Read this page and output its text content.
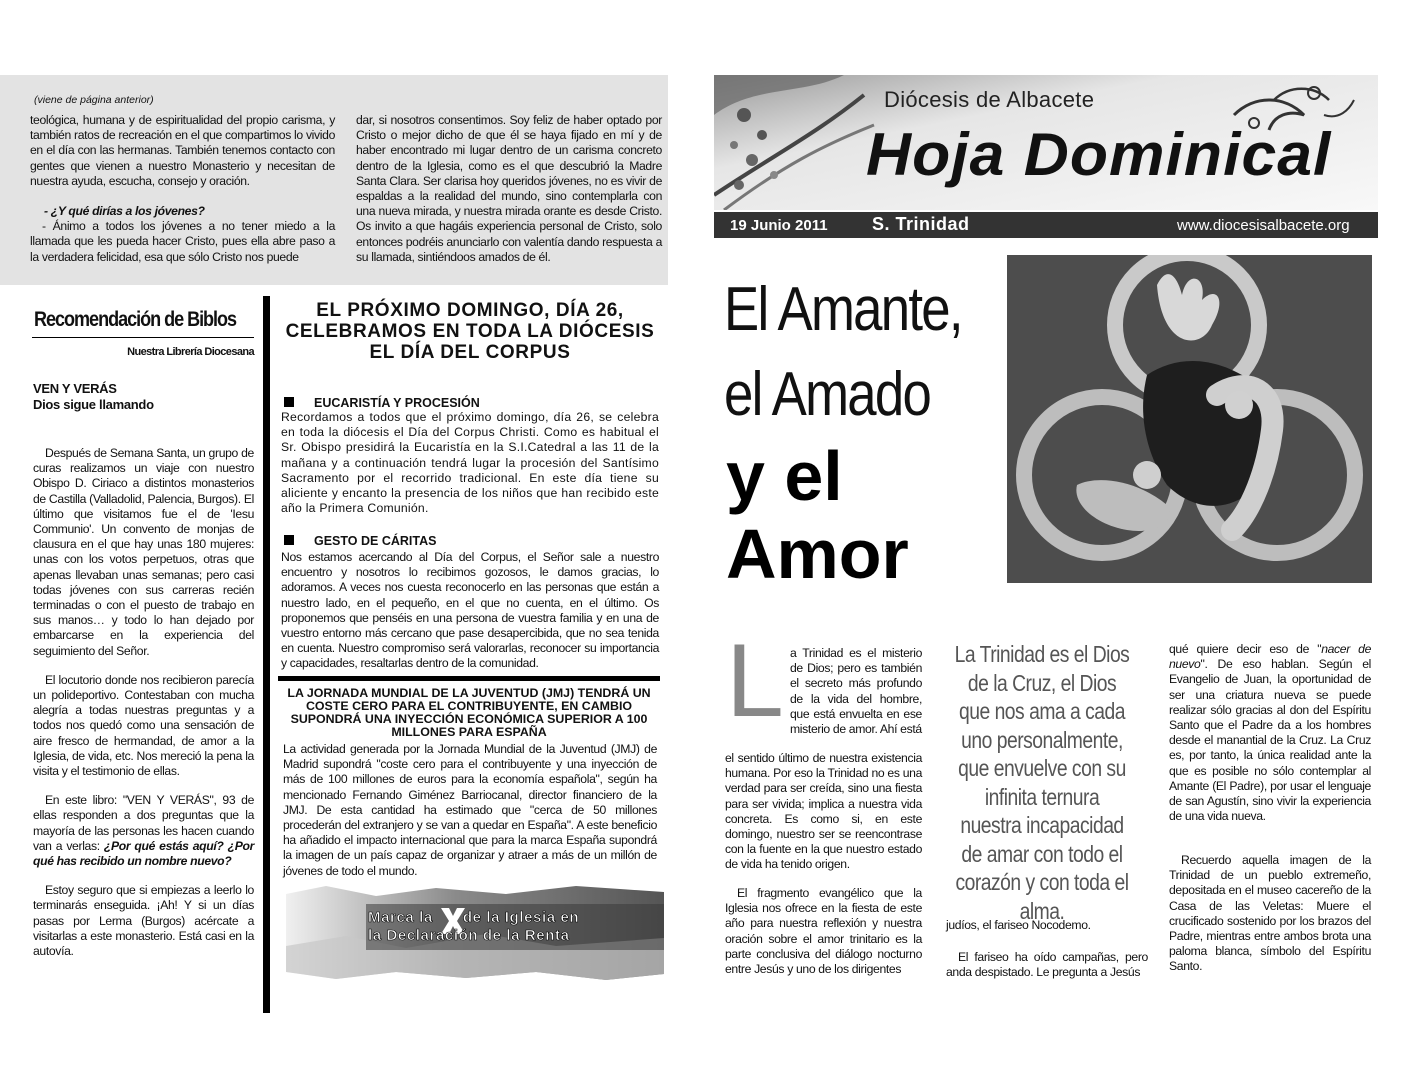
(viene de página anterior)
teológica, humana y de espiritualidad del propio carisma, y también ratos de recreación en el que compartimos lo vivido en el día con las hermanas. También tenemos contacto con gentes que vienen a nuestro Monasterio y necesitan de nuestra ayuda, escucha, consejo y oración.

- ¿Y qué dirías a los jóvenes?

- Ánimo a todos los jóvenes a no tener miedo a la llamada que les pueda hacer Cristo, pues ella abre paso a la verdadera felicidad, esa que sólo Cristo nos puede

dar, si nosotros consentimos. Soy feliz de haber optado por Cristo o mejor dicho de que él se haya fijado en mí y de haber encontrado mi lugar dentro de un carisma concreto dentro de la Iglesia, como es el que descubrió la Madre Santa Clara. Ser clarisa hoy queridos jóvenes, no es vivir de espaldas a la realidad del mundo, sino contemplarla con una nueva mirada, y nuestra mirada orante es desde Cristo. Os invito a que hagáis experiencia personal de Cristo, solo entonces podréis anunciarlo con valentía dando respuesta a su llamada, sintiéndoos amados de él.
Recomendación de Biblos
Nuestra Librería Diocesana
VEN Y VERÁS
Dios sigue llamando

Después de Semana Santa, un grupo de curas realizamos un viaje con nuestro Obispo D. Ciriaco a distintos monasterios de Castilla (Valladolid, Palencia, Burgos). El último que visitamos fue el de 'Iesu Communio'. Un convento de monjas de clausura en el que hay unas 180 mujeres: unas con los votos perpetuos, otras que apenas llevaban unas semanas; pero casi todas jóvenes con sus carreras recién terminadas o con el puesto de trabajo en sus manos… y todo lo han dejado por embarcarse en la experiencia del seguimiento del Señor.

El locutorio donde nos recibieron parecía un polideportivo. Contestaban con mucha alegría a todas nuestras preguntas y a todos nos quedó como una sensación de aire fresco de hermandad, de amor a la Iglesia, de vida, etc. Nos mereció la pena la visita y el testimonio de ellas.

En este libro: "VEN Y VERÁS", 93 de ellas responden a dos preguntas que la mayoría de las personas les hacen cuando van a verlas: ¿Por qué estás aquí? ¿Por qué has recibido un nombre nuevo?

Estoy seguro que si empiezas a leerlo lo terminarás enseguida. ¡Ah! Y si un días pasas por Lerma (Burgos) acércate a visitarlas a este monasterio. Está casi en la autovía.

EL PRÓXIMO DOMINGO, DÍA 26, CELEBRAMOS EN TODA LA DIÓCESIS EL DÍA DEL CORPUS
EUCARISTÍA Y PROCESIÓN
Recordamos a todos que el próximo domingo, día 26, se celebra en toda la diócesis el Día del Corpus Christi. Como es habitual el Sr. Obispo presidirá la Eucaristía en la S.I.Catedral a las 11 de la mañana y a continuación tendrá lugar la procesión del Santísimo Sacramento por el recorrido tradicional. En este día tiene su aliciente y encanto la presencia de los niños que han recibido este año la Primera Comunión.
GESTO DE CÁRITAS
Nos estamos acercando al Día del Corpus, el Señor sale a nuestro encuentro y nosotros lo recibimos gozosos, le damos gracias, lo adoramos. A veces nos cuesta reconocerlo en las personas que están a nuestro lado, en el pequeño, en el que no cuenta, en el último. Os proponemos que penséis en una persona de vuestra familia y en una de vuestro entorno más cercano que pase desapercibida, que no sea tenida en cuenta. Nuestro compromiso será valorarlas, reconocer su importancia y capacidades, resaltarlas dentro de la comunidad.
LA JORNADA MUNDIAL DE LA JUVENTUD (JMJ) TENDRÁ UN COSTE CERO PARA EL CONTRIBUYENTE, EN CAMBIO SUPONDRÁ UNA INYECCIÓN ECONÓMICA SUPERIOR A 100 MILLONES PARA ESPAÑA
La actividad generada por la Jornada Mundial de la Juventud (JMJ) de Madrid supondrá "coste cero para el contribuyente y una inyección de más de 100 millones de euros para la economía española", según ha mencionado Fernando Giménez Barriocanal, director financiero de la JMJ. De esta cantidad ha estimado que "cerca de 50 millones procederán del extranjero y se van a quedar en España". A este beneficio ha añadido el impacto internacional que para la marca España supondrá la imagen de un país capaz de organizar y atraer a más de un millón de jóvenes de todo el mundo.
Marca la de la Iglesia en
la Declaración de la Renta
Diócesis de Albacete
Hoja Dominical
19 Junio 2011 S. Trinidad	www.diocesisalbacete.org
El Amante,
el Amado
y el
Amor
L a Trinidad es el misterio de Dios; pero es también el secreto más profundo de la vida del hombre, que está envuelta en ese misterio de amor. Ahí está
el sentido último de nuestra existencia humana. Por eso la Trinidad no es una verdad para ser creída, sino una fiesta para ser vivida; implica a nuestra vida concreta. Es como si, en este domingo, nuestro ser se reencontrase con la fuente en la que nuestro estado de vida ha tenido origen.
El fragmento evangélico que la Iglesia nos ofrece en la fiesta de este año para nuestra reflexión y nuestra oración sobre el amor trinitario es la parte conclusiva del diálogo nocturno entre Jesús y uno de los dirigentes
La Trinidad es el Dios de la Cruz, el Dios que nos ama a cada uno personalmente, que envuelve con su infinita ternura nuestra incapacidad de amar con todo el corazón y con toda el alma.
judíos, el fariseo Nocodemo.
El fariseo ha oído campañas, pero anda despistado. Le pregunta a Jesús
qué quiere decir eso de "nacer de nuevo". De eso hablan. Según el Evangelio de Juan, la oportunidad de ser una criatura nueva se puede realizar sólo gracias al don del Espíritu Santo que el Padre da a los hombres desde el manantial de la Cruz. La Cruz es, por tanto, la única realidad ante la que es posible no sólo contemplar al Amante (El Padre), por usar el lenguaje de san Agustín, sino vivir la experiencia de una vida nueva.
Recuerdo aquella imagen de la Trinidad de un pueblo extremeño, depositada en el museo cacereño de la Casa de las Veletas: Muere el crucificado sostenido por los brazos del Padre, mientras entre ambos brota una paloma blanca, símbolo del Espíritu Santo.
